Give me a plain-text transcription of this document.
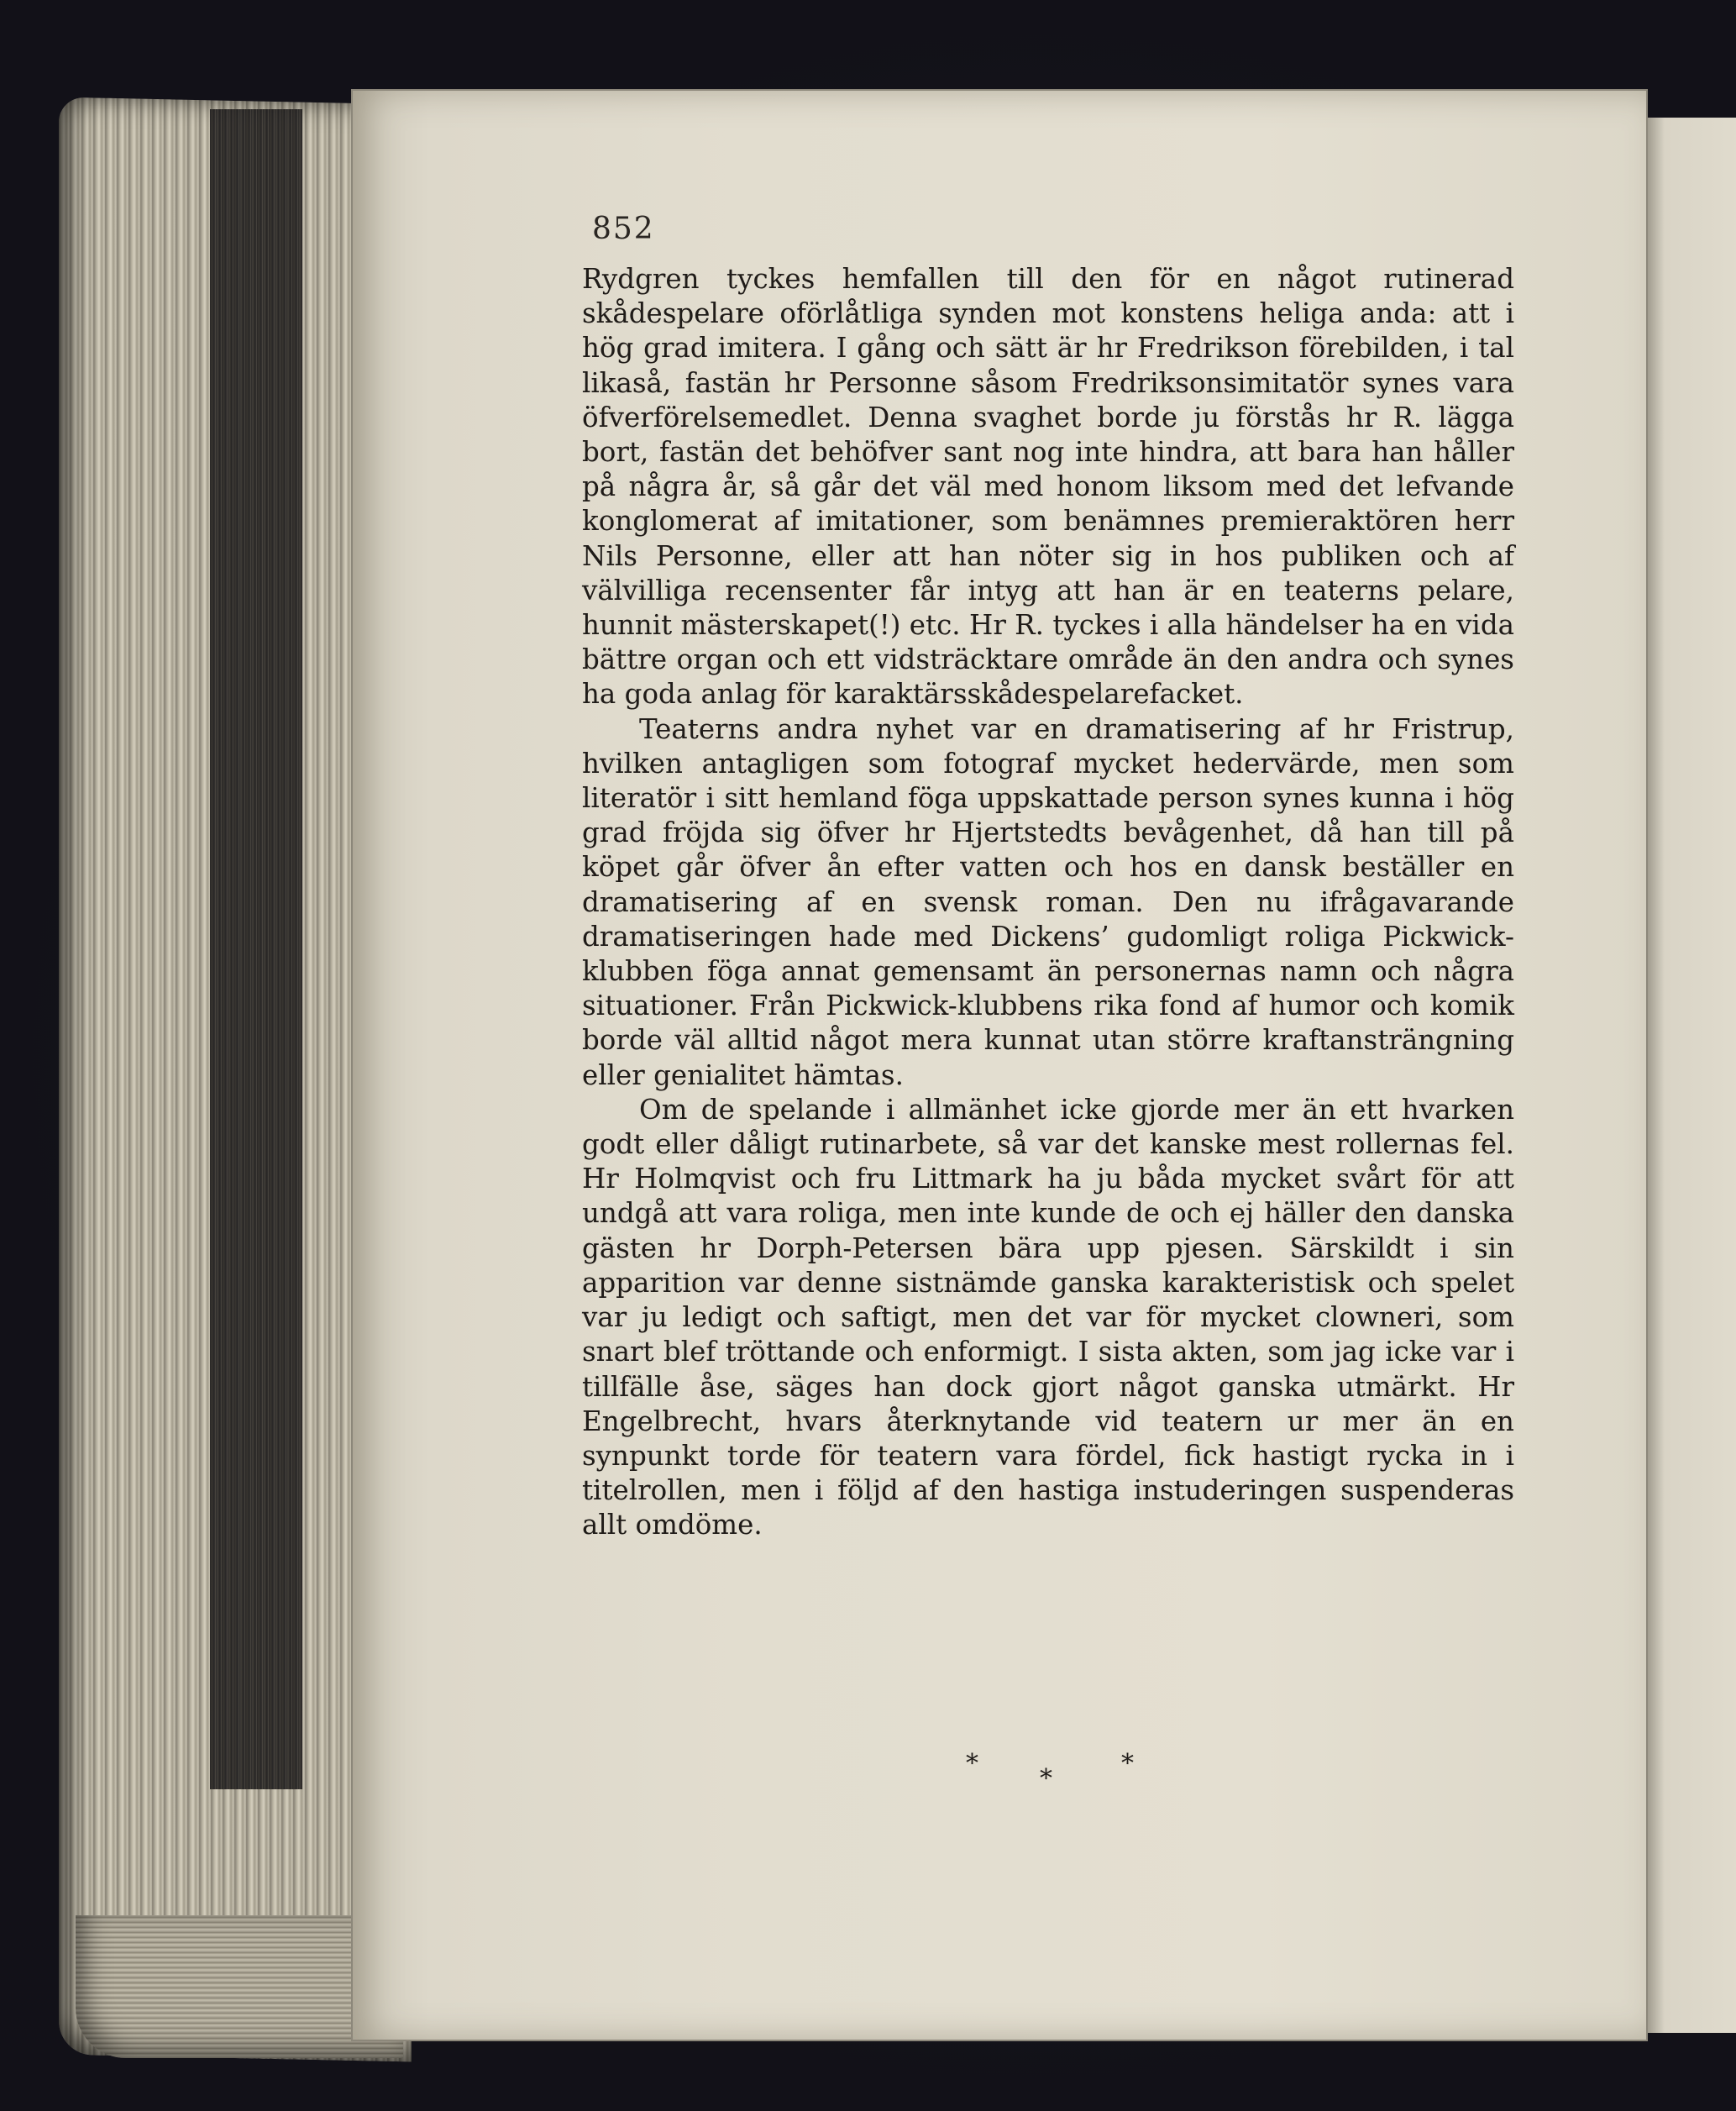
852

Rydgren tyckes hemfallen till den för en något rutinerad skådespelare oförlåtliga synden mot konstens heliga anda: att i hög grad imitera. I gång och sätt är hr Fredrikson förebilden, i tal likaså, fastän hr Personne såsom Fredriksonsimitatör synes vara öfverförelsemedlet. Denna svaghet borde ju förstås hr R. lägga bort, fastän det behöfver sant nog inte hindra, att bara han håller på några år, så går det väl med honom liksom med det lefvande konglomerat af imitationer, som benämnes premieraktören herr Nils Personne, eller att han nöter sig in hos publiken och af välvilliga recensenter får intyg att han är en teaterns pelare, hunnit mästerskapet(!) etc. Hr R. tyckes i alla händelser ha en vida bättre organ och ett vidsträcktare område än den andra och synes ha goda anlag för karaktärsskådespelarefacket.

Teaterns andra nyhet var en dramatisering af hr Fristrup, hvilken antagligen som fotograf mycket hedervärde, men som literatör i sitt hemland föga uppskattade person synes kunna i hög grad fröjda sig öfver hr Hjertstedts bevågenhet, då han till på köpet går öfver ån efter vatten och hos en dansk beställer en dramatisering af en svensk roman. Den nu ifrågavarande dramatiseringen hade med Dickens’ gudomligt roliga Pickwick-klubben föga annat gemensamt än personernas namn och några situationer. Från Pickwick-klubbens rika fond af humor och komik borde väl alltid något mera kunnat utan större kraftansträngning eller genialitet hämtas.

Om de spelande i allmänhet icke gjorde mer än ett hvarken godt eller dåligt rutinarbete, så var det kanske mest rollernas fel. Hr Holmqvist och fru Littmark ha ju båda mycket svårt för att undgå att vara roliga, men inte kunde de och ej häller den danska gästen hr Dorph-Petersen bära upp pjesen. Särskildt i sin apparition var denne sistnämde ganska karakteristisk och spelet var ju ledigt och saftigt, men det var för mycket clowneri, som snart blef tröttande och enformigt. I sista akten, som jag icke var i tillfälle åse, säges han dock gjort något ganska utmärkt. Hr Engelbrecht, hvars återknytande vid teatern ur mer än en synpunkt torde för teatern vara fördel, fick hastigt rycka in i titelrollen, men i följd af den hastiga instuderingen suspenderas allt omdöme.

*
*
*
